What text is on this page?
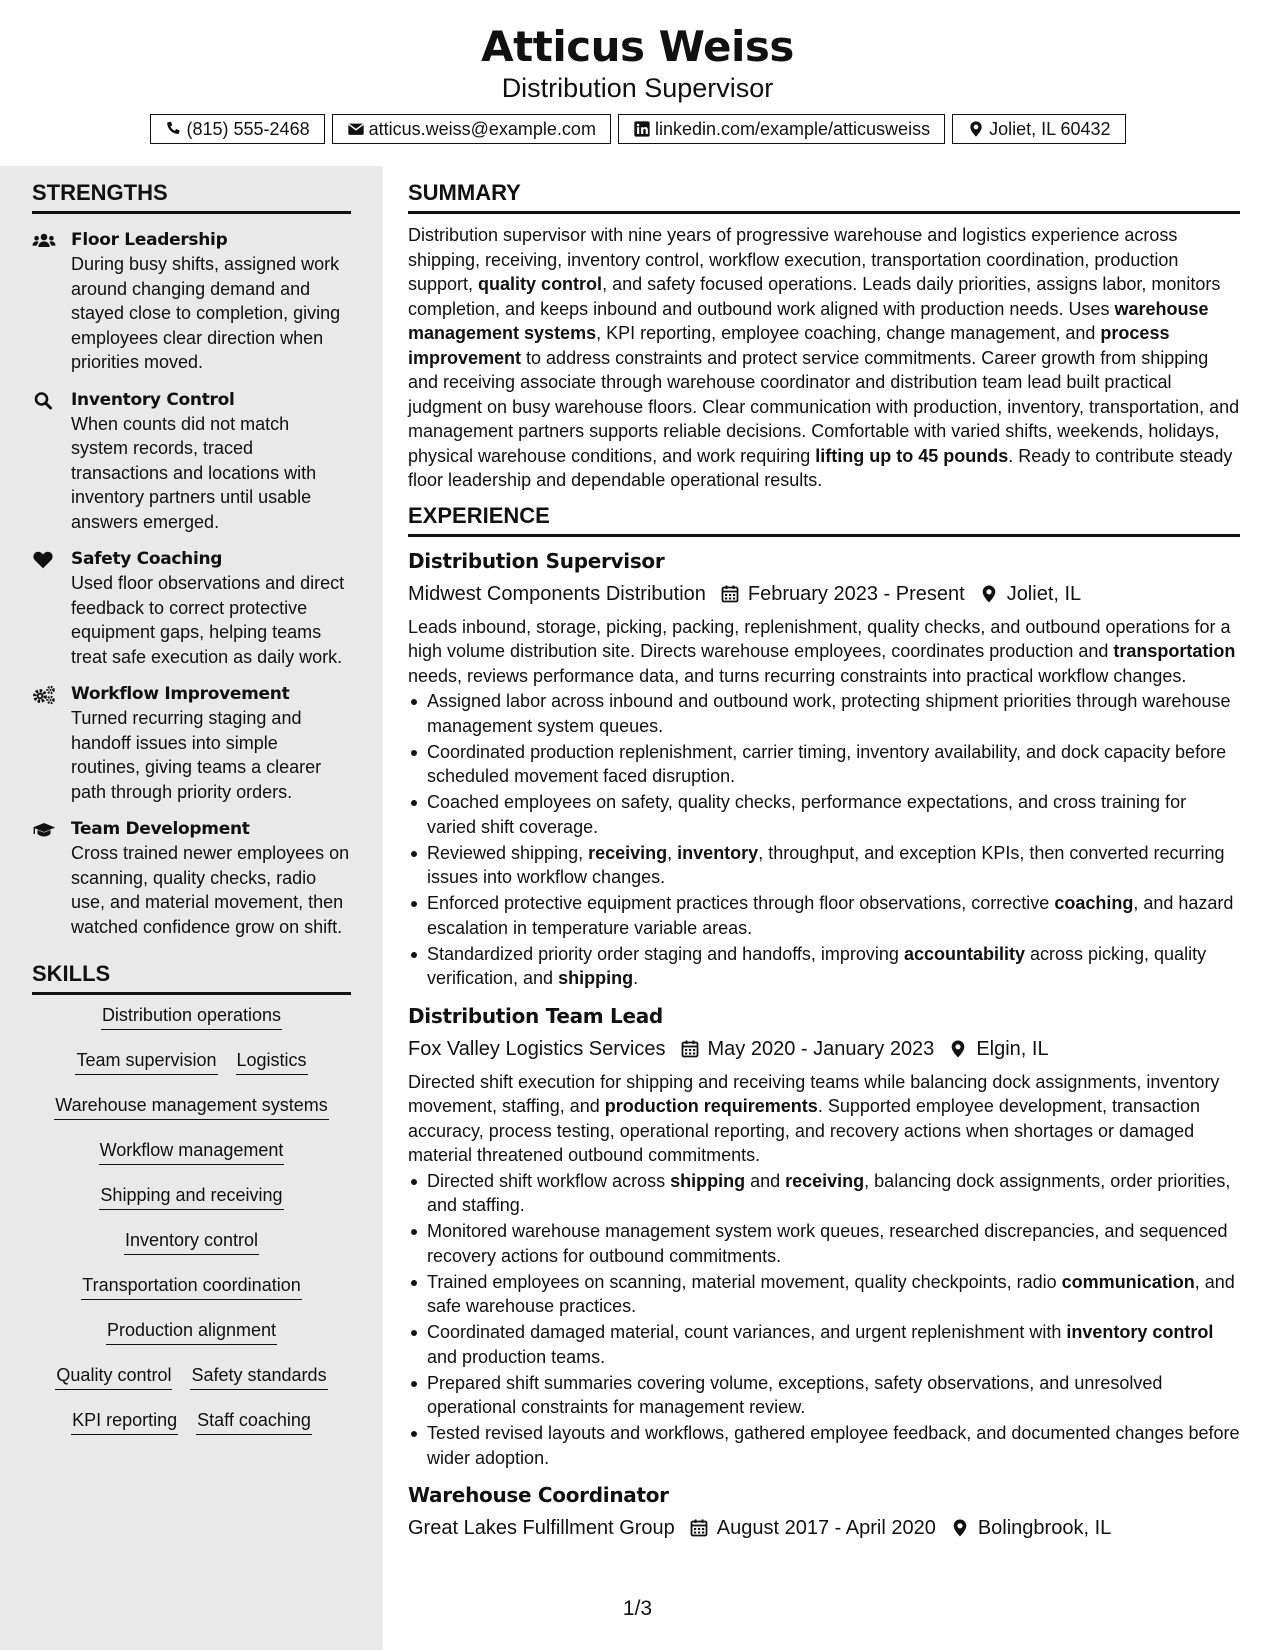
Atticus Weiss
Distribution Supervisor
(815) 555-2468	atticus.weiss@example.com	linkedin.com/example/atticusweiss	Joliet, IL 60432
STRENGTHS
Floor Leadership
During busy shifts, assigned work around changing demand and stayed close to completion, giving employees clear direction when priorities moved.
Inventory Control
When counts did not match system records, traced transactions and locations with inventory partners until usable answers emerged.
Safety Coaching
Used floor observations and direct feedback to correct protective equipment gaps, helping teams treat safe execution as daily work.
Workflow Improvement
Turned recurring staging and handoff issues into simple routines, giving teams a clearer path through priority orders.
Team Development
Cross trained newer employees on scanning, quality checks, radio use, and material movement, then watched confidence grow on shift.
SKILLS
Distribution operations
Team supervision Logistics
Warehouse management systems
Workflow management
Shipping and receiving
Inventory control
Transportation coordination
Production alignment
Quality control Safety standards
KPI reporting Staff coaching
SUMMARY
Distribution supervisor with nine years of progressive warehouse and logistics experience across shipping, receiving, inventory control, workflow execution, transportation coordination, production support, quality control, and safety focused operations. Leads daily priorities, assigns labor, monitors completion, and keeps inbound and outbound work aligned with production needs. Uses warehouse management systems, KPI reporting, employee coaching, change management, and process improvement to address constraints and protect service commitments. Career growth from shipping and receiving associate through warehouse coordinator and distribution team lead built practical judgment on busy warehouse floors. Clear communication with production, inventory, transportation, and management partners supports reliable decisions. Comfortable with varied shifts, weekends, holidays, physical warehouse conditions, and work requiring lifting up to 45 pounds. Ready to contribute steady floor leadership and dependable operational results.
EXPERIENCE
Distribution Supervisor
Midwest Components Distribution February 2023 - Present Joliet, IL
Leads inbound, storage, picking, packing, replenishment, quality checks, and outbound operations for a high volume distribution site. Directs warehouse employees, coordinates production and transportation needs, reviews performance data, and turns recurring constraints into practical workflow changes.
Assigned labor across inbound and outbound work, protecting shipment priorities through warehouse management system queues.
Coordinated production replenishment, carrier timing, inventory availability, and dock capacity before scheduled movement faced disruption.
Coached employees on safety, quality checks, performance expectations, and cross training for varied shift coverage.
Reviewed shipping, receiving, inventory, throughput, and exception KPIs, then converted recurring issues into workflow changes.
Enforced protective equipment practices through floor observations, corrective coaching, and hazard escalation in temperature variable areas.
Standardized priority order staging and handoffs, improving accountability across picking, quality verification, and shipping.
Distribution Team Lead
Fox Valley Logistics Services May 2020 - January 2023 Elgin, IL
Directed shift execution for shipping and receiving teams while balancing dock assignments, inventory movement, staffing, and production requirements. Supported employee development, transaction accuracy, process testing, operational reporting, and recovery actions when shortages or damaged material threatened outbound commitments.
Directed shift workflow across shipping and receiving, balancing dock assignments, order priorities, and staffing.
Monitored warehouse management system work queues, researched discrepancies, and sequenced recovery actions for outbound commitments.
Trained employees on scanning, material movement, quality checkpoints, radio communication, and safe warehouse practices.
Coordinated damaged material, count variances, and urgent replenishment with inventory control and production teams.
Prepared shift summaries covering volume, exceptions, safety observations, and unresolved operational constraints for management review.
Tested revised layouts and workflows, gathered employee feedback, and documented changes before wider adoption.
Warehouse Coordinator
Great Lakes Fulfillment Group August 2017 - April 2020 Bolingbrook, IL
1/3
